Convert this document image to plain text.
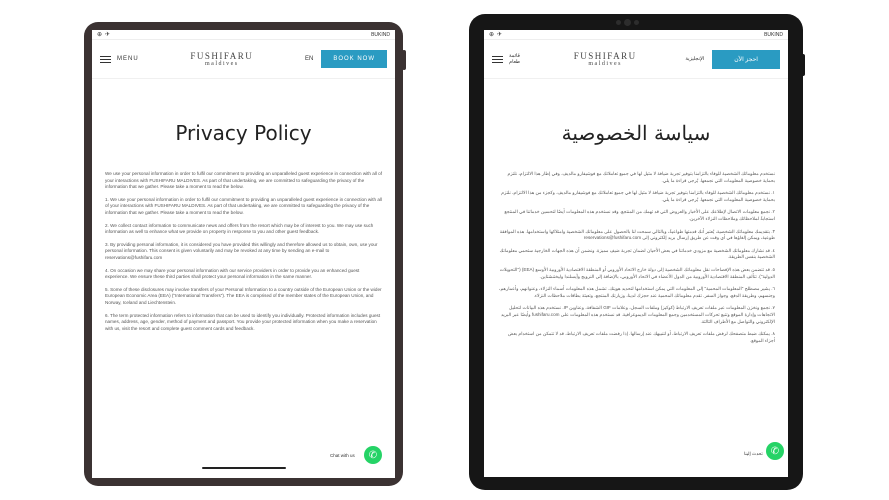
⊕ ✈	BUKIND
MENU	FUSHIFARU
maldives
EN	BOOK NOW
Privacy Policy

We use your personal information in order to fulfil our commitment to providing an unparalleled guest experience in connection with all of your interactions with FUSHIFARU MALDIVES. As part of that undertaking, we are committed to safeguarding the privacy of the information that we gather. Please take a moment to read the below.

1. We use your personal information in order to fulfil our commitment to providing an unparalleled guest experience in connection with all of your interactions with FUSHIFARU MALDIVES. As part of that undertaking, we are committed to safeguarding the privacy of the information that we gather. Please take a moment to read the below.

2. We collect contact information to communicate news and offers from the resort which may be of interest to you. We may use such information as well to enhance what we provide on property in response to you and other guest feedback.

3. By providing personal information, it is considered you have provided this willingly and therefore allowed us to obtain, own, use your personal information. This consent is given voluntarily and may be revoked at any time by sending an e-mail to reservations@fushifaru.com

4. On occasion we may share your personal information with our service providers in order to provide you an enhanced guest experience. We ensure these third parties shall protect your personal information in the same manner.

5. Some of these disclosures may involve transfers of your Personal Information to a country outside of the European Union or the wider European Economic Area (EEA) ("International Transfers"). The EEA is comprised of the member states of the European Union, and Norway, Iceland and Liechtenstein.

6. The term protected information refers to information that can be used to identify you individually. Protected information includes guest names, address, age, gender, method of payment and passport. You provide your protected information when you make a reservation with us, visit the resort and complete guest comment cards and feedback.

Chat with us	✆
⊕ ✈	BUKIND
قائمة طعام
FUSHIFARU
maldives
الإنجليزية	احجز الآن
سياسة الخصوصية

نستخدم معلوماتك الشخصية للوفاء بالتزامنا بتوفير تجربة ضيافة لا مثيل لها في جميع تعاملاتك مع فوشيفارو مالديف. وفي إطار هذا الالتزام، نلتزم بحماية خصوصية المعلومات التي نجمعها. يُرجى قراءة ما يلي.

١. نستخدم معلوماتك الشخصية للوفاء بالتزامنا بتوفير تجربة ضيافة لا مثيل لها في جميع تعاملاتك مع فوشيفارو مالديف. وكجزء من هذا الالتزام، نلتزم بحماية خصوصية المعلومات التي نجمعها. يُرجى قراءة ما يلي.

٢. نجمع معلومات الاتصال لإطلاعك على الأخبار والعروض التي قد تهمك من المنتجع. وقد نستخدم هذه المعلومات أيضًا لتحسين خدماتنا في المنتجع استجابةً لملاحظاتك وملاحظات النزلاء الآخرين.

٣. بتقديمك معلوماتك الشخصية، يُعتبر أنك قدمتها طواعيةً، وبالتالي سمحت لنا بالحصول على معلوماتك الشخصية وامتلاكها واستخدامها. هذه الموافقة طوعية، ويمكن إلغاؤها في أي وقت عن طريق إرسال بريد إلكتروني إلى reservations@fushifaru.com

٤. قد نشارك معلوماتك الشخصية مع مزودي خدماتنا في بعض الأحيان لضمان تجربة ضيف مميزة. ونضمن أن هذه الجهات الخارجية ستحمي معلوماتك الشخصية بنفس الطريقة.

٥. قد تتضمن بعض هذه الإفصاحات نقل معلوماتك الشخصية إلى دولة خارج الاتحاد الأوروبي أو المنطقة الاقتصادية الأوروبية الأوسع (EEA) ("التحويلات الدولية"). تتألف المنطقة الاقتصادية الأوروبية من الدول الأعضاء في الاتحاد الأوروبي، بالإضافة إلى النرويج وآيسلندا وليختنشتاين.

٦. يشير مصطلح "المعلومات المحمية" إلى المعلومات التي يمكن استخدامها لتحديد هويتك. تشمل هذه المعلومات أسماء النزلاء، وعنوانهم، وأعمارهم، وجنسهم، وطريقة الدفع، وجواز السفر. تقدم معلوماتك المحمية عند حجزك لدينا، وزيارتك المنتجع، وتعبئة بطاقات ملاحظات النزلاء.

٧. نجمع ونخزن المعلومات عبر ملفات تعريف الارتباط (كوكيز) وملفات السجل، وعلامات GIF الشفافة، وعناوين IP. نستخدم هذه البيانات لتحليل الاتجاهات وإدارة الموقع وتتبع تحركات المستخدمين وجمع المعلومات الديموغرافية. قد نستخدم هذه المعلومات على fushifaru.com وأيضًا عبر البريد الإلكتروني والتواصل مع الأطراف الثالثة.

٨. يمكنك ضبط متصفحك لرفض ملفات تعريف الارتباط، أو لتنبيهك عند إرسالها. إذا رفضت ملفات تعريف الارتباط، قد لا تتمكن من استخدام بعض أجزاء الموقع.

تحدث إلينا ✆
